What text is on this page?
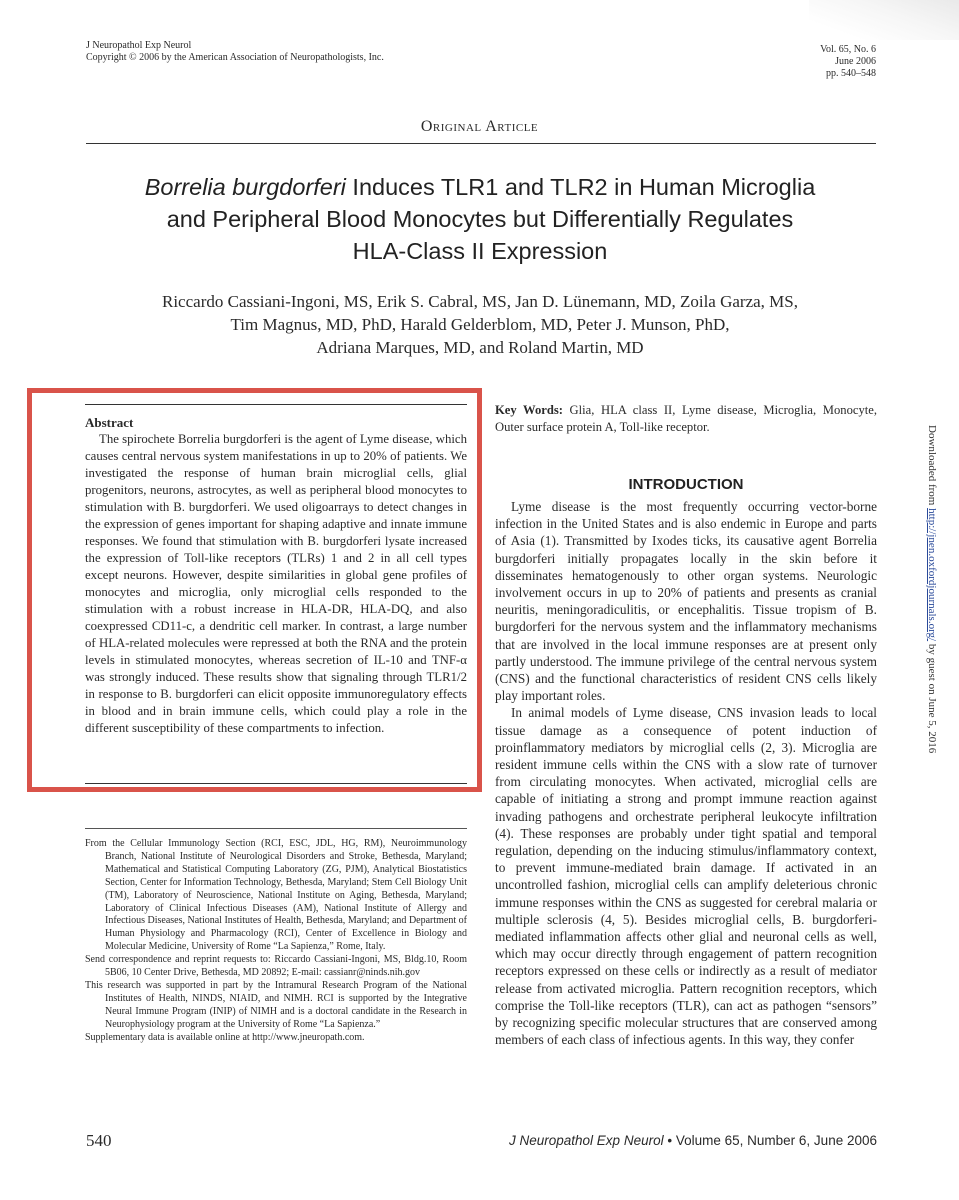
J Neuropathol Exp Neurol
Copyright © 2006 by the American Association of Neuropathologists, Inc.
Vol. 65, No. 6
June 2006
pp. 540–548
Original Article
Borrelia burgdorferi Induces TLR1 and TLR2 in Human Microglia
and Peripheral Blood Monocytes but Differentially Regulates
HLA-Class II Expression
Riccardo Cassiani-Ingoni, MS, Erik S. Cabral, MS, Jan D. Lünemann, MD, Zoila Garza, MS,
Tim Magnus, MD, PhD, Harald Gelderblom, MD, Peter J. Munson, PhD,
Adriana Marques, MD, and Roland Martin, MD
Abstract

The spirochete Borrelia burgdorferi is the agent of Lyme disease, which causes central nervous system manifestations in up to 20% of patients. We investigated the response of human brain microglial cells, glial progenitors, neurons, astrocytes, as well as peripheral blood monocytes to stimulation with B. burgdorferi. We used oligoarrays to detect changes in the expression of genes important for shaping adaptive and innate immune responses. We found that stimulation with B. burgdorferi lysate increased the expression of Toll-like receptors (TLRs) 1 and 2 in all cell types except neurons. However, despite similarities in global gene profiles of monocytes and microglia, only microglial cells responded to the stimulation with a robust increase in HLA-DR, HLA-DQ, and also coexpressed CD11-c, a dendritic cell marker. In contrast, a large number of HLA-related molecules were repressed at both the RNA and the protein levels in stimulated monocytes, whereas secretion of IL-10 and TNF-α was strongly induced. These results show that signaling through TLR1/2 in response to B. burgdorferi can elicit opposite immunoregulatory effects in blood and in brain immune cells, which could play a role in the different susceptibility of these compartments to infection.

Key Words: Glia, HLA class II, Lyme disease, Microglia, Monocyte, Outer surface protein A, Toll-like receptor.
INTRODUCTION

Lyme disease is the most frequently occurring vector-borne infection in the United States and is also endemic in Europe and parts of Asia (1). Transmitted by Ixodes ticks, its causative agent Borrelia burgdorferi initially propagates locally in the skin before it disseminates hematogenously to other organ systems. Neurologic involvement occurs in up to 20% of patients and presents as cranial neuritis, meningoradiculitis, or encephalitis. Tissue tropism of B. burgdorferi for the nervous system and the inflammatory mechanisms that are involved in the local immune responses are at present only partly understood. The immune privilege of the central nervous system (CNS) and the functional characteristics of resident CNS cells likely play important roles.

In animal models of Lyme disease, CNS invasion leads to local tissue damage as a consequence of potent induction of proinflammatory mediators by microglial cells (2, 3). Microglia are resident immune cells within the CNS with a slow rate of turnover from circulating monocytes. When activated, microglial cells are capable of initiating a strong and prompt immune reaction against invading pathogens and orchestrate peripheral leukocyte infiltration (4). These responses are probably under tight spatial and temporal regulation, depending on the inducing stimulus/inflammatory context, to prevent immune-mediated brain damage. If activated in an uncontrolled fashion, microglial cells can amplify deleterious chronic immune responses within the CNS as suggested for cerebral malaria or multiple sclerosis (4, 5). Besides microglial cells, B. burgdorferi-mediated inflammation affects other glial and neuronal cells as well, which may occur directly through engagement of pattern recognition receptors expressed on these cells or indirectly as a result of mediator release from activated microglia. Pattern recognition receptors, which comprise the Toll-like receptors (TLR), can act as pathogen “sensors” by recognizing specific molecular structures that are conserved among members of each class of infectious agents. In this way, they confer

From the Cellular Immunology Section (RCI, ESC, JDL, HG, RM), Neuroimmunology Branch, National Institute of Neurological Disorders and Stroke, Bethesda, Maryland; Mathematical and Statistical Computing Laboratory (ZG, PJM), Analytical Biostatistics Section, Center for Information Technology, Bethesda, Maryland; Stem Cell Biology Unit (TM), Laboratory of Neuroscience, National Institute on Aging, Bethesda, Maryland; Laboratory of Clinical Infectious Diseases (AM), National Institute of Allergy and Infectious Diseases, National Institutes of Health, Bethesda, Maryland; and Department of Human Physiology and Pharmacology (RCI), Center of Excellence in Biology and Molecular Medicine, University of Rome “La Sapienza,” Rome, Italy.

Send correspondence and reprint requests to: Riccardo Cassiani-Ingoni, MS, Bldg.10, Room 5B06, 10 Center Drive, Bethesda, MD 20892; E-mail: cassianr@ninds.nih.gov

This research was supported in part by the Intramural Research Program of the National Institutes of Health, NINDS, NIAID, and NIMH. RCI is supported by the Integrative Neural Immune Program (INIP) of NIMH and is a doctoral candidate in the Research in Neurophysiology program at the University of Rome “La Sapienza.”

Supplementary data is available online at http://www.jneuropath.com.

540	J Neuropathol Exp Neurol • Volume 65, Number 6, June 2006
Downloaded from http://jnen.oxfordjournals.org/ by guest on June 5, 2016
